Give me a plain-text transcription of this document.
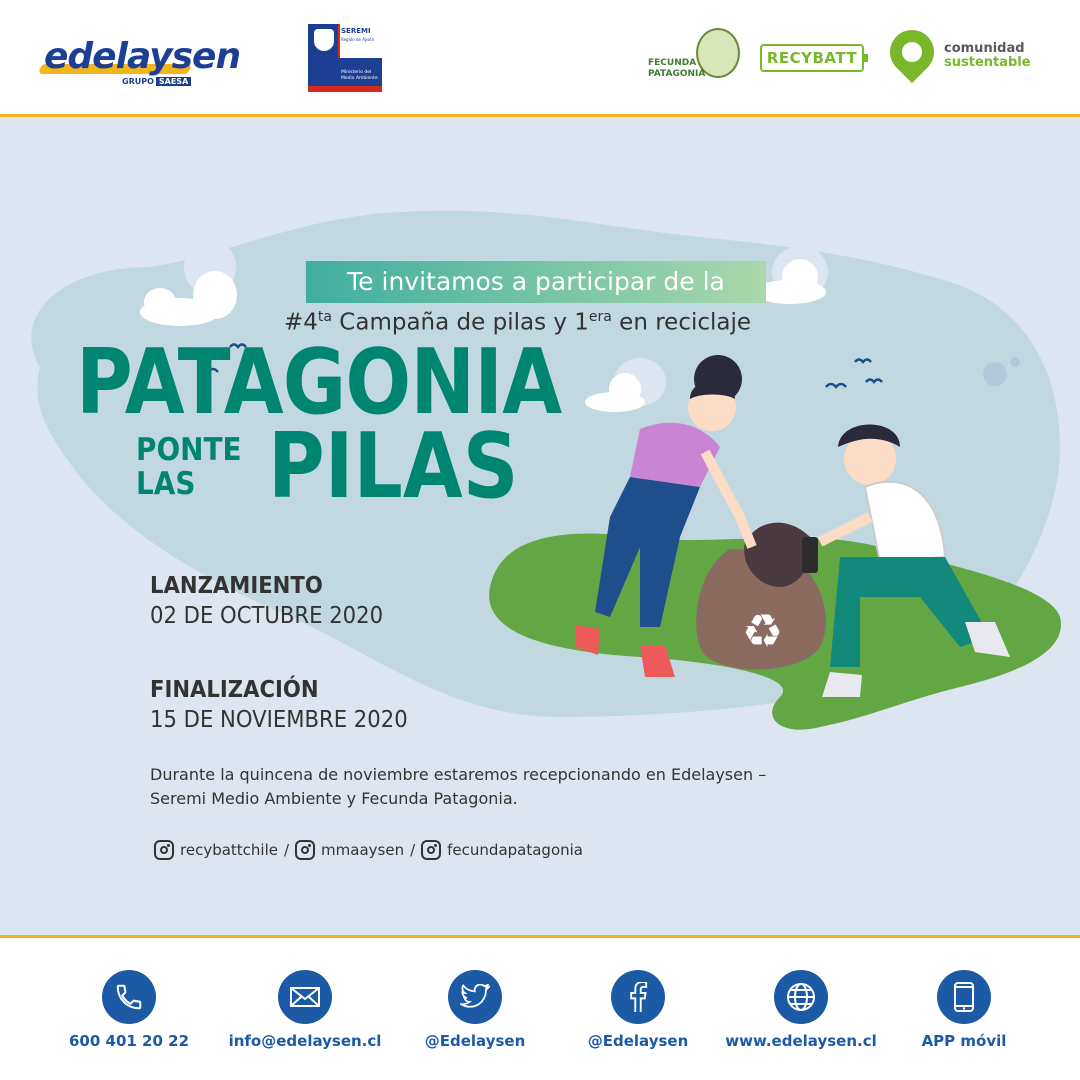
edelaysen
GRUPO SAESA
SEREMI
Región de Aysén
Ministerio del Medio Ambiente
FECUNDA PATAGONIA
RECYBATT
comunidad
sustentable
♻
Te invitamos a participar de la
$\#4^{ta}$ Campaña de pilas y $1^{era}$ en reciclaje
PATAGONIA
PONTE
LAS PILAS
LANZAMIENTO
02 DE OCTUBRE 2020
FINALIZACIÓN
15 DE NOVIEMBRE 2020
Durante la quincena de noviembre estaremos recepcionando en Edelaysen – Seremi Medio Ambiente y Fecunda Patagonia.
recybattchile / mmaaysen / fecundapatagonia
600 401 20 22	info@edelaysen.cl	@Edelaysen	@Edelaysen	www.edelaysen.cl	APP móvil
